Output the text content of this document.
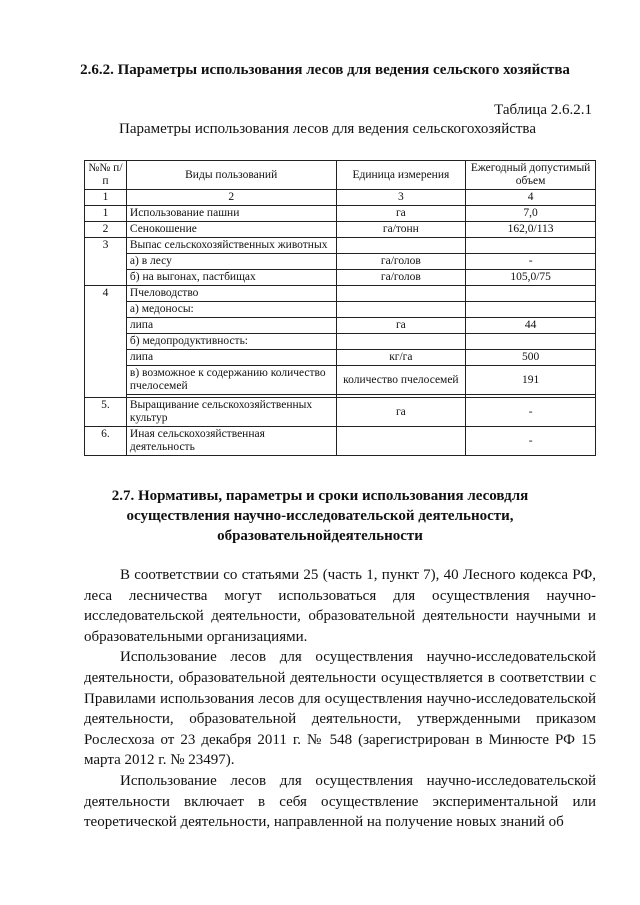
2.6.2. Параметры использования лесов для ведения сельского хозяйства
Таблица 2.6.2.1
Параметры использования лесов для ведения сельскогохозяйства
№№ п/п	Виды пользований	Единица измерения	Ежегодный допустимый объем
1	2	3	4
1	Использование пашни	га	7,0
2	Сенокошение	га/тонн	162,0/113
3	Выпас сельскохозяйственных животных		
	а) в лесу	га/голов	-
	б) на выгонах, пастбищах	га/голов	105,0/75
4	Пчеловодство		
	а) медоносы:		
	липа	га	44
	б) медопродуктивность:		
	липа	кг/га	500
	в) возможное к содержанию количество пчелосемей	количество пчелосемей	191

5.	Выращивание сельскохозяйственных культур	га	-
6.	Иная сельскохозяйственная деятельность		-
2.7. Нормативы, параметры и сроки использования лесовдля осуществления научно-исследовательской деятельности, образовательнойдеятельности

В соответствии со статьями 25 (часть 1, пункт 7), 40 Лесного кодекса РФ, леса лесничества могут использоваться для осуществления научно-исследовательской деятельности, образовательной деятельности научными и образовательными организациями.

Использование лесов для осуществления научно-исследовательской деятельности, образовательной деятельности осуществляется в соответствии с Правилами использования лесов для осуществления научно-исследовательской деятельности, образовательной деятельности, утвержденными приказом Рослесхоза от 23 декабря 2011 г. № 548 (зарегистрирован в Минюсте РФ 15 марта 2012 г. № 23497).

Использование лесов для осуществления научно-исследовательской деятельности включает в себя осуществление экспериментальной или теоретической деятельности, направленной на получение новых знаний об
